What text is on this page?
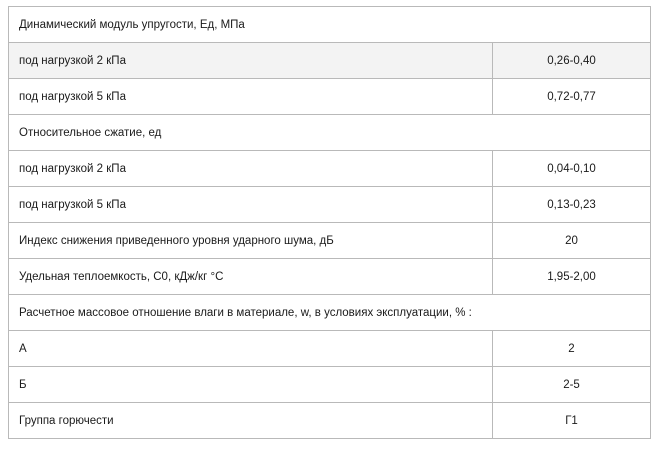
Динамический модуль упругости, Ед, МПа	
под нагрузкой 2 кПа	0,26-0,40
под нагрузкой 5 кПа	0,72-0,77
Относительное сжатие, ед	
под нагрузкой 2 кПа	0,04-0,10
под нагрузкой 5 кПа	0,13-0,23
Индекс снижения приведенного уровня ударного шума, дБ	20
Удельная теплоемкость, С0, кДж/кг °С	1,95-2,00
Расчетное массовое отношение влаги в материале, w, в условиях эксплуатации, % :	
А	2
Б	2-5
Группа горючести	Г1
